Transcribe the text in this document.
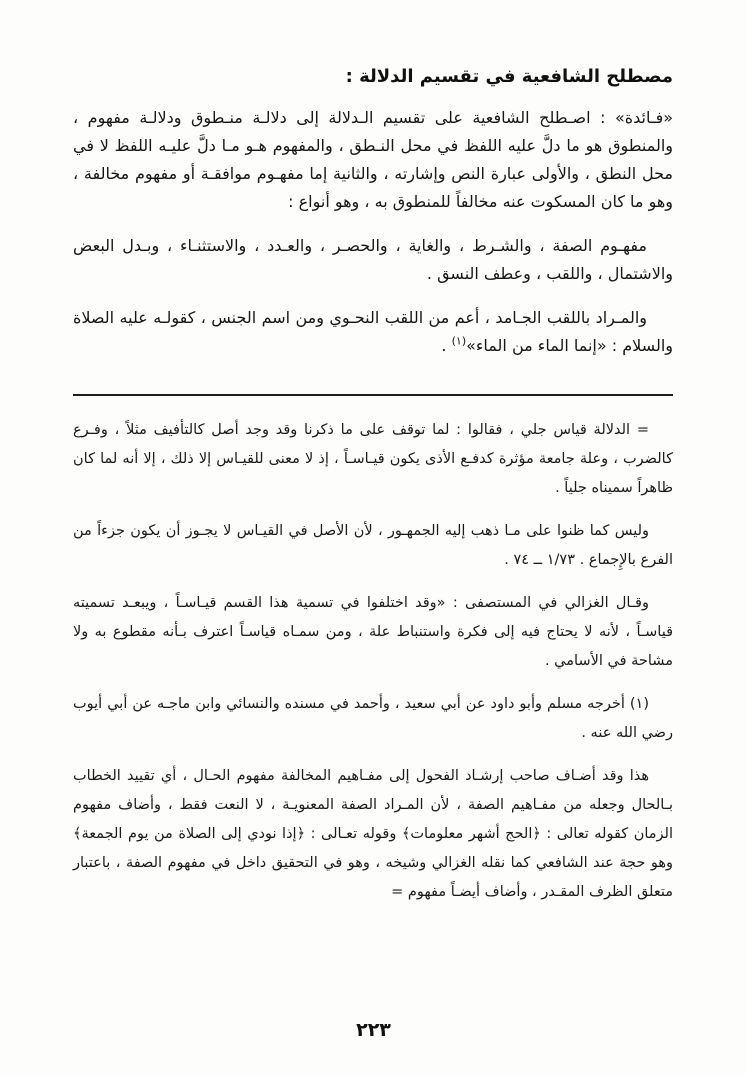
مصطلح الشافعية في تقسيم الدلالة :

«فـائدة» : اصـطلح الشافعية على تقسيم الـدلالة إلى دلالـة منـطوق ودلالـة مفهوم ، والمنطوق هو ما دلَّ عليه اللفظ في محل النـطق ، والمفهوم هـو مـا دلَّ عليـه اللفظ لا في محل النطق ، والأولى عبارة النص وإشارته ، والثانية إما مفهـوم موافقـة أو مفهوم مخالفة ، وهو ما كان المسكوت عنه مخالفاً للمنطوق به ، وهو أنواع :

مفهـوم الصفة ، والشـرط ، والغاية ، والحصـر ، والعـدد ، والاستثنـاء ، وبـدل البعض والاشتمال ، واللقب ، وعطف النسق .

والمـراد باللقب الجـامد ، أعم من اللقب النحـوي ومن اسم الجنس ، كقولـه عليه الصلاة والسلام : «إنما الماء من الماء»$^{(١)}$ .

= الدلالة قياس جلي ، فقالوا : لما توقف على ما ذكرنا وقد وجد أصل كالتأفيف مثلاً ، وفـرع كالضرب ، وعلة جامعة مؤثرة كدفـع الأذى يكون قيـاسـاً ، إذ لا معنى للقيـاس إلا ذلك ، إلا أنه لما كان ظاهراً سميناه جلياً .

وليس كما ظنوا على مـا ذهب إليه الجمهـور ، لأن الأصل في القيـاس لا يجـوز أن يكون جزءاً من الفرع بالإِجماع . ١/٧٣ ــ ٧٤ .

وقـال الغزالي في المستصفى : «وقد اختلفوا في تسمية هذا القسم قيـاسـاً ، ويبعـد تسميته قياسـاً ، لأنه لا يحتاج فيه إلى فكرة واستنباط علة ، ومن سمـاه قياسـاً اعترف بـأنه مقطوع به ولا مشاحة في الأسامي .

(١) أخرجه مسلم وأبو داود عن أبي سعيد ، وأحمد في مسنده والنسائي وابن ماجـه عن أبي أيوب رضي الله عنه .

هذا وقد أضـاف صاحب إرشـاد الفحول إلى مفـاهيم المخالفة مفهوم الحـال ، أي تقييد الخطاب بـالحال وجعله من مفـاهيم الصفة ، لأن المـراد الصفة المعنويـة ، لا النعت فقط ، وأضاف مفهوم الزمان كقوله تعالى : ﴿الحج أشهر معلومات﴾ وقوله تعـالى : ﴿إذا نودي إلى الصلاة من يوم الجمعة﴾ وهو حجة عند الشافعي كما نقله الغزالي وشيخه ، وهو في التحقيق داخل في مفهوم الصفة ، باعتبار متعلق الظرف المقـدر ، وأضاف أيضـاً مفهوم =

٢٢٣
